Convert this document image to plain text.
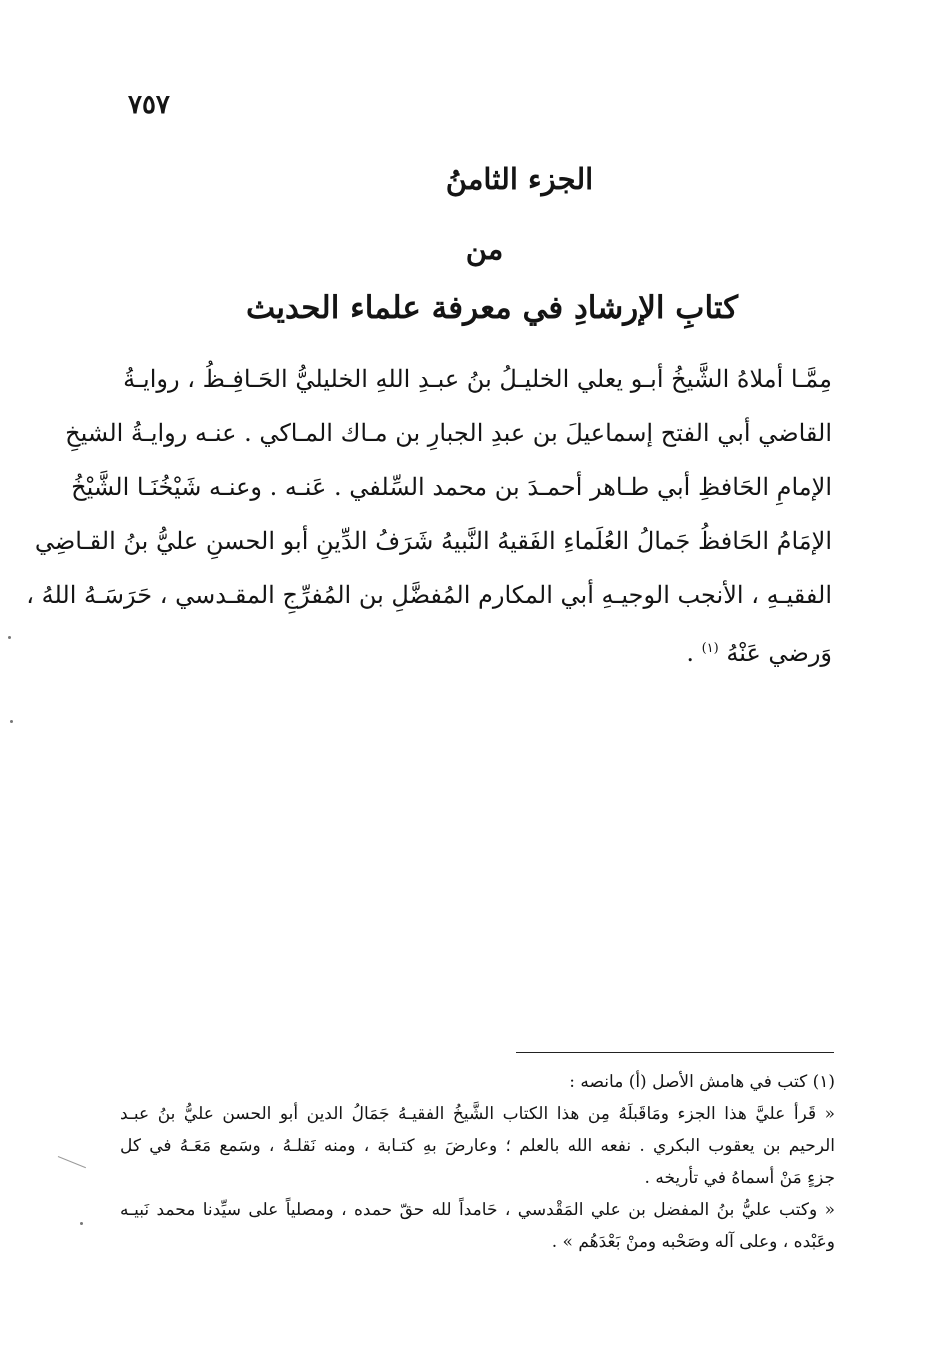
٧٥٧
الجزء الثامنُ
من
كتابِ الإرشادِ في معرفة علماء الحديث
مِمَّـا أملاهُ الشَّيخُ أبـو يعلي الخليـلُ بنُ عبـدِ اللهِ الخليليُّ الحَـافِـظُ ، روايـةُ
القاضي أبي الفتح إسماعيلَ بن عبدِ الجبارِ بن مـاك المـاكي . عنـه روايـةُ الشيخِ
الإمامِ الحَافظِ أبي طـاهر أحمـدَ بن محمد السِّلفي . عَنـه . وعنـه شَيْخُنَـا الشَّيْخُ
الإمَامُ الحَافظُ جَمالُ العُلَماءِ الفَقيهُ النَّبيهُ شَرَفُ الدِّينِ أبو الحسنِ عليُّ بنُ القـاضِي
الفقيـهِ ، الأنجب الوجيـهِ أبي المكارم المُفضَّلِ بن المُفرِّجِ المقـدسي ، حَرَسَـهُ اللهُ ،
وَرضي عَنْهُ $^{(١)}$ .
(١) كتب في هامش الأصل (أ) مانصه :
« قَرأ عليَّ هذا الجزء ومَاقَبلَهُ مِن هذا الكتاب الشَّيخُ الفقيـهُ جَمَالُ الدين أبو الحسن عليُّ بنُ عبـد
الرحيم بن يعقوب البكري . نفعه الله بالعلم ؛ وعارضَ بهِ كتـابة ، ومنه نَقلـهُ ، وسَمع مَعَـهُ في كل
جزءٍ مَنْ أسماهُ في تأريخه .
« وكتب عليُّ بنُ المفضل بن علي المَقْدسي ، حَامداً لله حقّ حمده ، ومصلياً على سيِّدنا محمد نَبيـه
وعَبْده ، وعلى آله وصَحْبه ومنْ بَعْدَهُم » .
